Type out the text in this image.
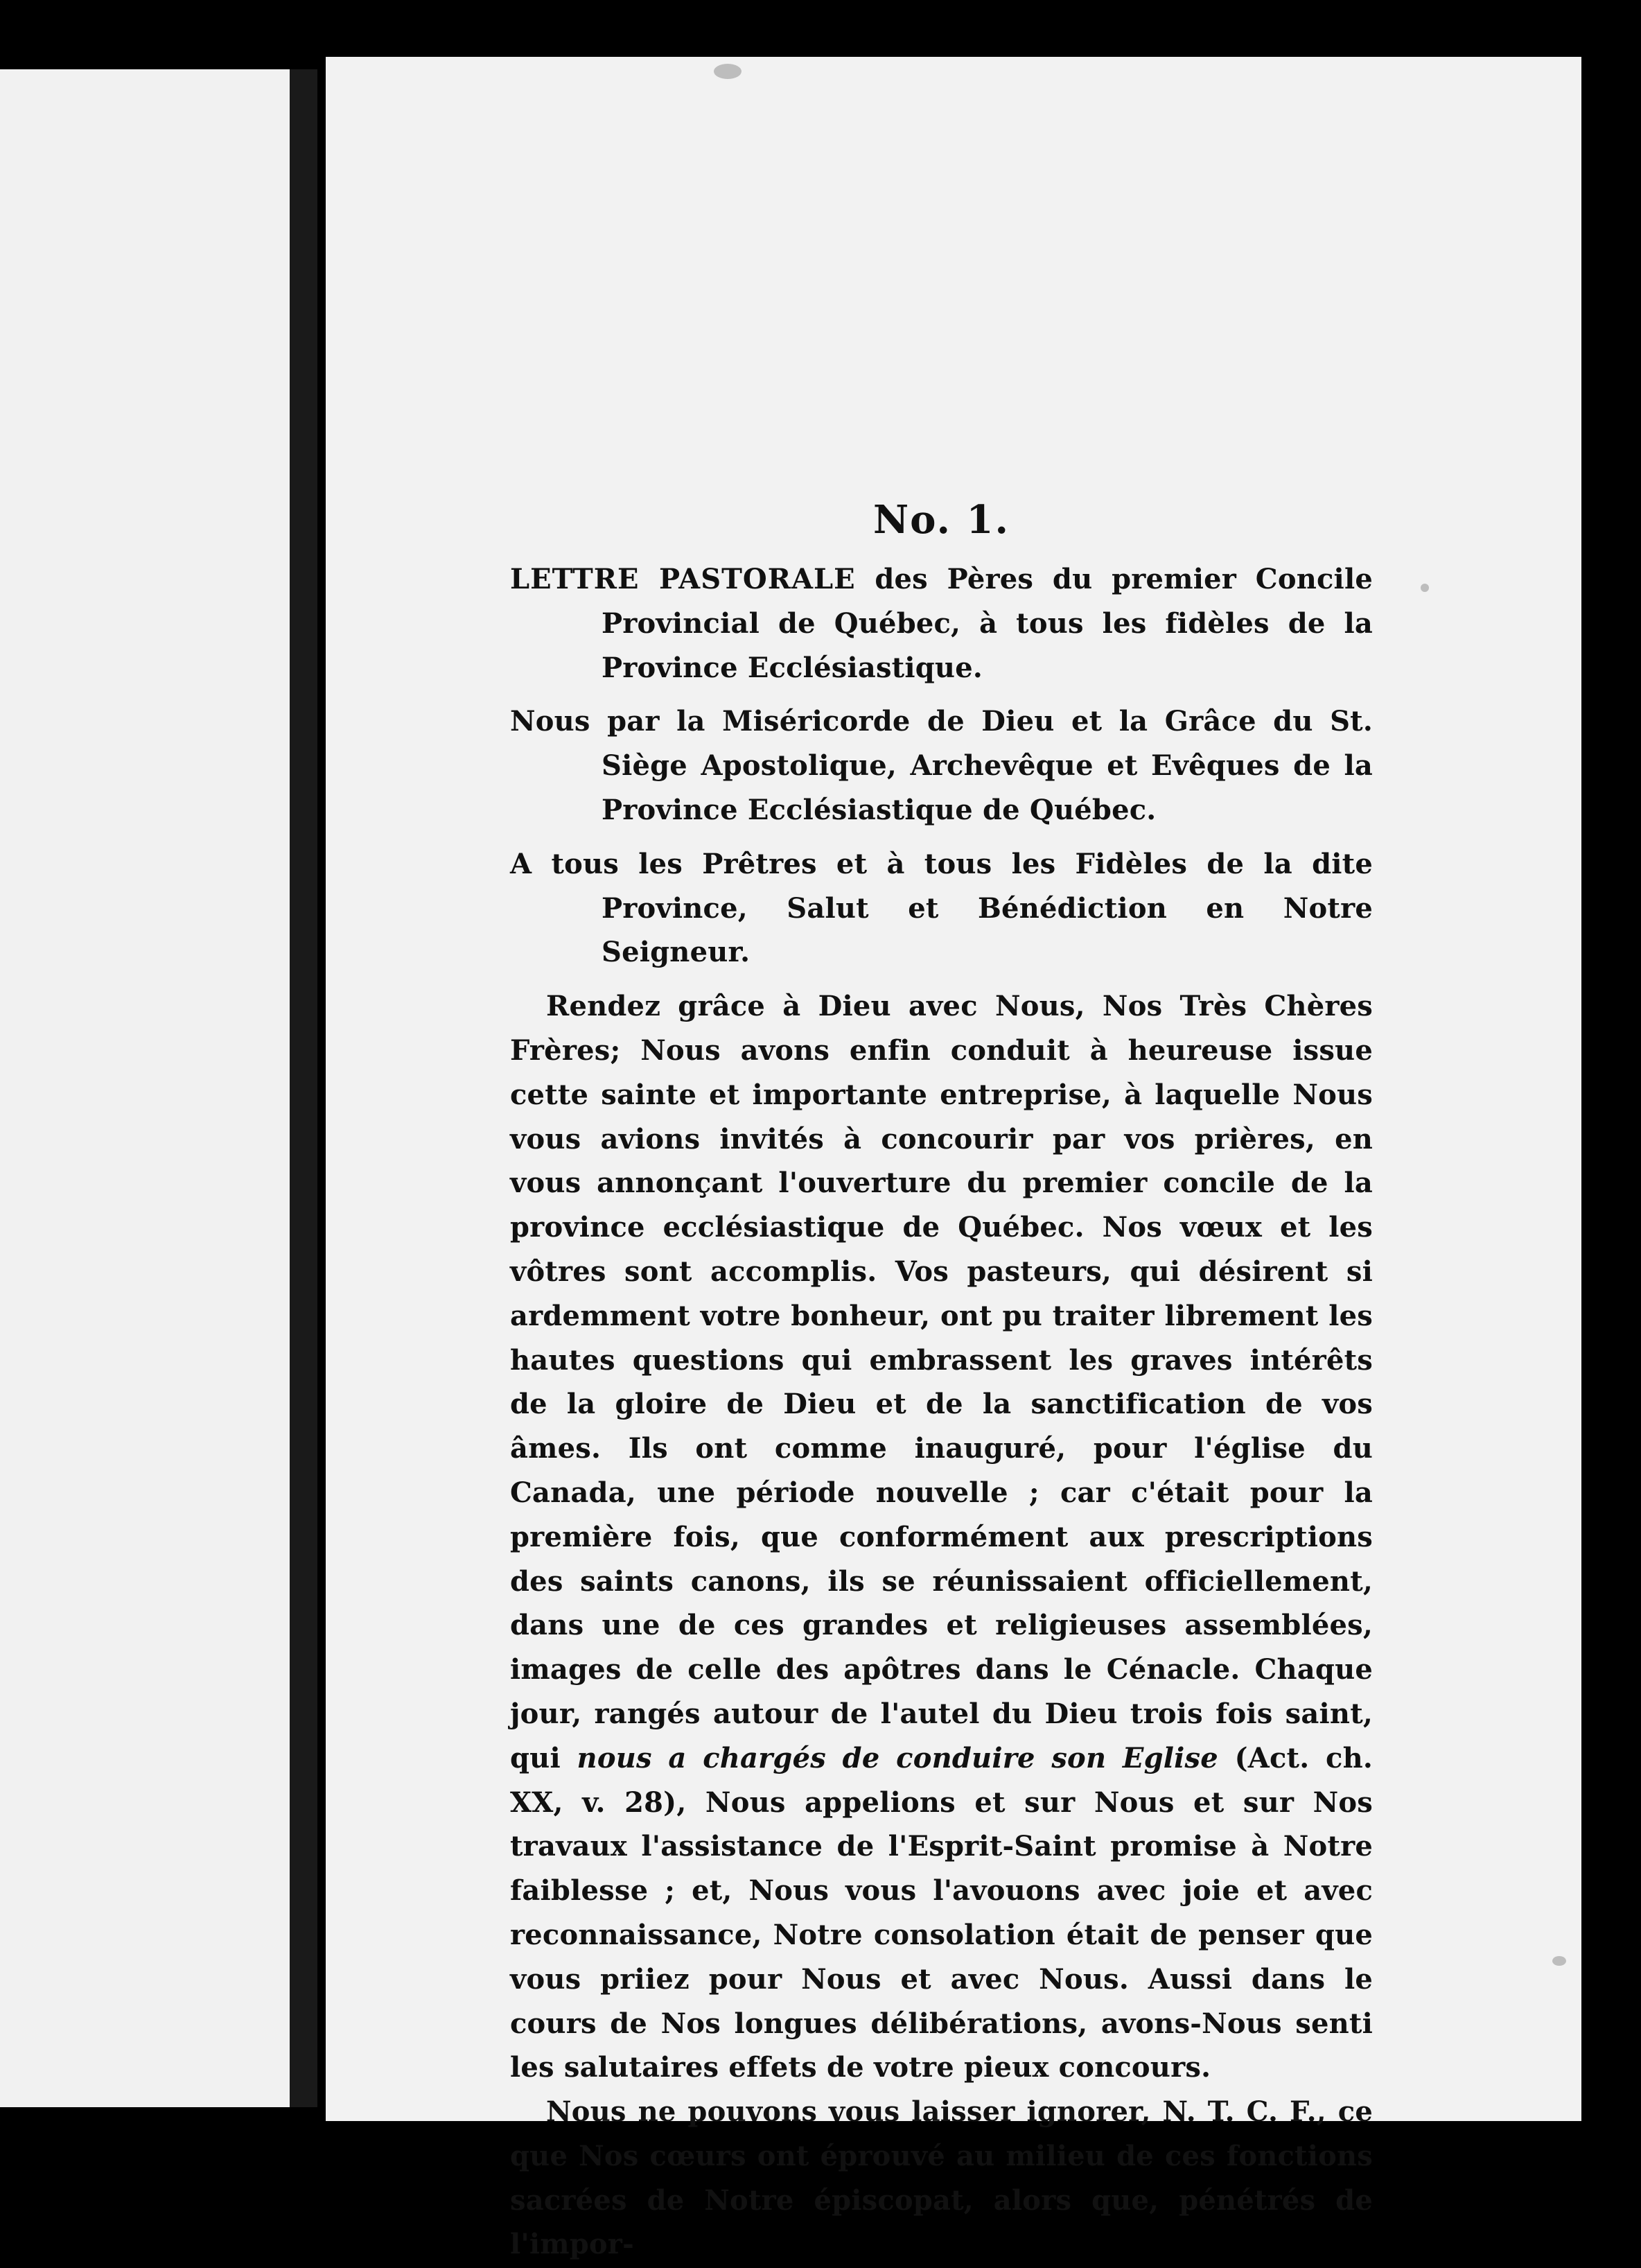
No. 1.

LETTRE PASTORALE des Pères du premier Concile Provincial de Québec, à tous les fidèles de la Province Ecclésiastique.

Nous par la Miséricorde de Dieu et la Grâce du St. Siège Apostolique, Archevêque et Evêques de la Province Ecclésiastique de Québec.

A tous les Prêtres et à tous les Fidèles de la dite Province, Salut et Bénédiction en Notre Seigneur.

Rendez grâce à Dieu avec Nous, Nos Très Chères Frères; Nous avons enfin conduit à heureuse issue cette sainte et importante entreprise, à laquelle Nous vous avions invités à concourir par vos prières, en vous annonçant l'ouverture du premier concile de la province ecclésiastique de Québec. Nos vœux et les vôtres sont accomplis. Vos pasteurs, qui désirent si ardemment votre bonheur, ont pu traiter librement les hautes questions qui embrassent les graves intérêts de la gloire de Dieu et de la sanctification de vos âmes. Ils ont comme inauguré, pour l'église du Canada, une période nouvelle ; car c'était pour la première fois, que conformément aux prescriptions des saints canons, ils se réunissaient officiellement, dans une de ces grandes et religieuses assemblées, images de celle des apôtres dans le Cénacle. Chaque jour, rangés autour de l'autel du Dieu trois fois saint, qui nous a chargés de conduire son Eglise (Act. ch. XX, v. 28), Nous appelions et sur Nous et sur Nos travaux l'assistance de l'Esprit-Saint promise à Notre faiblesse ; et, Nous vous l'avouons avec joie et avec reconnaissance, Notre consolation était de penser que vous priiez pour Nous et avec Nous. Aussi dans le cours de Nos longues délibérations, avons-Nous senti les salutaires effets de votre pieux concours.

Nous ne pouvons vous laisser ignorer, N. T. C. F., ce que Nos cœurs ont éprouvé au milieu de ces fonctions sacrées de Notre épiscopat, alors que, pénétrés de l'impor-
